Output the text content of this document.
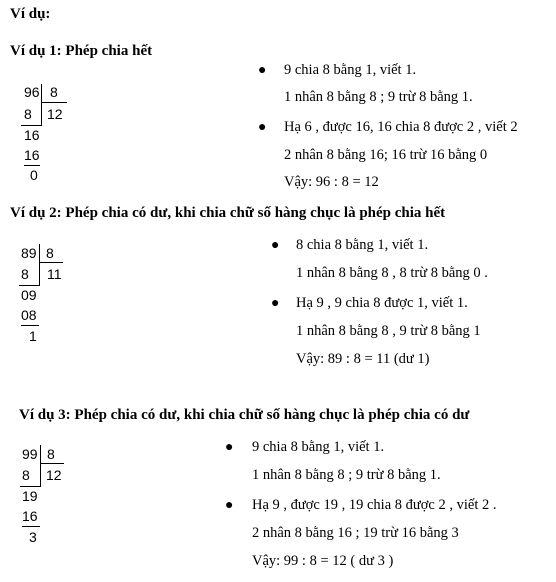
Ví dụ:
Ví dụ 1: Phép chia hết
96 8
12
8
16
16
0
● 9 chia 8 bằng 1, viết 1.
1 nhân 8 bằng 8 ; 9 trừ 8 bằng 1.
● Hạ 6 , được 16, 16 chia 8 được 2 , viết 2
2 nhân 8 bằng 16; 16 trừ 16 bằng 0
Vậy: 96 : 8 = 12
Ví dụ 2: Phép chia có dư, khi chia chữ số hàng chục là phép chia hết
89 8
11
8
09
08
1
● 8 chia 8 bằng 1, viết 1.
1 nhân 8 bằng 8 , 8 trừ 8 bằng 0 .
● Hạ 9 , 9 chia 8 được 1, viết 1.
1 nhân 8 bằng 8 , 9 trừ 8 bằng 1
Vậy: 89 : 8 = 11 (dư 1)
Ví dụ 3: Phép chia có dư, khi chia chữ số hàng chục là phép chia có dư
99 8
12
8
19
16
3
● 9 chia 8 bằng 1, viết 1.
1 nhân 8 bằng 8 ; 9 trừ 8 bằng 1.
● Hạ 9 , được 19 , 19 chia 8 được 2 , viết 2 .
2 nhân 8 bằng 16 ; 19 trừ 16 bằng 3
Vậy: 99 : 8 = 12 ( dư 3 )
